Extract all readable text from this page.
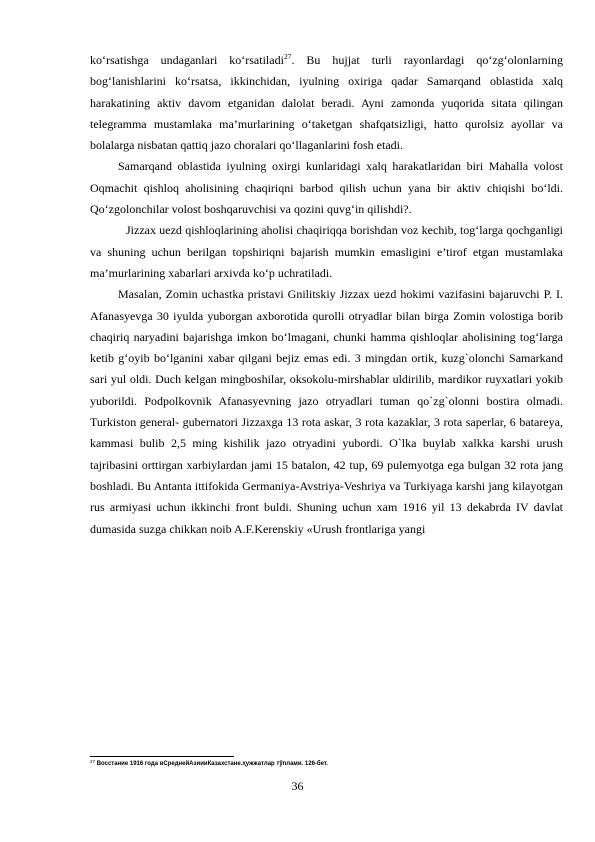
ko‘rsatishga undaganlari ko‘rsatiladi$^{27}$. Bu hujjat turli rayonlardagi qo‘zg‘olonlarning bog‘lanishlarini ko‘rsatsa, ikkinchidan, iyulning oxiriga qadar Samarqand oblastida xalq harakatining aktiv davom etganidan dalolat beradi. Ayni zamonda yuqorida sitata qilingan telegramma mustamlaka ma’murlarining o‘taketgan shafqatsizligi, hatto qurolsiz ayollar va bolalarga nisbatan qattiq jazo choralari qo‘llaganlarini fosh etadi.

Samarqand oblastida iyulning oxirgi kunlaridagi xalq harakatlaridan biri Mahalla volost Oqmachit qishloq aholisining chaqiriqni barbod qilish uchun yana bir aktiv chiqishi bo‘ldi. Qo‘zgolonchilar volost boshqaruvchisi va qozini quvg‘in qilishdi?.

Jizzax uezd qishloqlarining aholisi chaqiriqqa borishdan voz kechib, tog‘larga qochganligi va shuning uchun berilgan topshiriqni bajarish mumkin emasligini e’tirof etgan mustamlaka ma’murlarining xabarlari arxivda ko‘p uchratiladi.

Masalan, Zomin uchastka pristavi Gnilitskiy Jizzax uezd hokimi vazifasini bajaruvchi P. I. Afanasyevga 30 iyulda yuborgan axborotida qurolli otryadlar bilan birga Zomin volostiga borib chaqiriq naryadini bajarishga imkon bo‘lmagani, chunki hamma qishloqlar aholisining tog‘larga ketib g‘oyib bo‘lganini xabar qilgani bejiz emas edi. 3 mingdan ortik, kuzg`olonchi Samarkand sari yul oldi. Duch kelgan mingboshilar, oksokolu-mirshablar uldirilib, mardikor ruyxatlari yokib yuborildi. Podpolkovnik Afanasyevning jazo otryadlari tuman qo`zg`olonni bostira olmadi. Turkiston general- gubernatori Jizzaxga 13 rota askar, 3 rota kazaklar, 3 rota saperlar, 6 batareya, kammasi bulib 2,5 ming kishilik jazo otryadini yubordi. O`lka buylab xalkka karshi urush tajribasini orttirgan xarbiylardan jami 15 batalon, 42 tup, 69 pulemyotga ega bulgan 32 rota jang boshladi. Bu Antanta ittifokida Germaniya-Avstriya-Veshriya va Turkiyaga karshi jang kilayotgan rus armiyasi uchun ikkinchi front buldi. Shuning uchun xam 1916 yil 13 dekabrda IV davlat dumasida suzga chikkan noib A.F.Kerenskiy «Urush frontlariga yangi

$^{27}$ Восстание 1916 года вСреднейАзиииКазахстане.ҳужжатлар тўплами. 126-бет.
36
